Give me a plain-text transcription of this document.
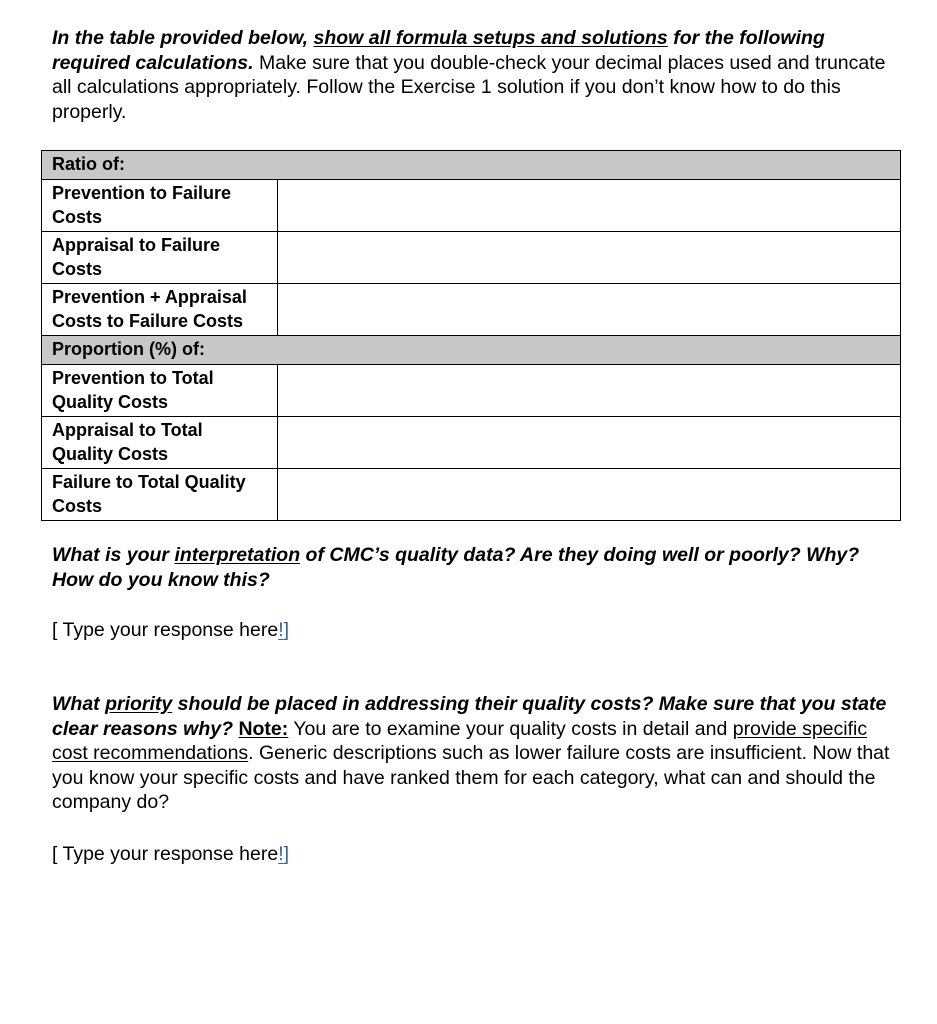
In the table provided below, show all formula setups and solutions for the following required calculations. Make sure that you double-check your decimal places used and truncate all calculations appropriately. Follow the Exercise 1 solution if you don’t know how to do this properly.

Ratio of:	
Prevention to Failure Costs	
Appraisal to Failure Costs	
Prevention + Appraisal Costs to Failure Costs	
Proportion (%) of:	
Prevention to Total Quality Costs	
Appraisal to Total Quality Costs	
Failure to Total Quality Costs	

What is your interpretation of CMC’s quality data? Are they doing well or poorly? Why? How do you know this?

[ Type your response here!]

What priority should be placed in addressing their quality costs? Make sure that you state clear reasons why? Note: You are to examine your quality costs in detail and provide specific cost recommendations. Generic descriptions such as lower failure costs are insufficient. Now that you know your specific costs and have ranked them for each category, what can and should the company do?

[ Type your response here!]
